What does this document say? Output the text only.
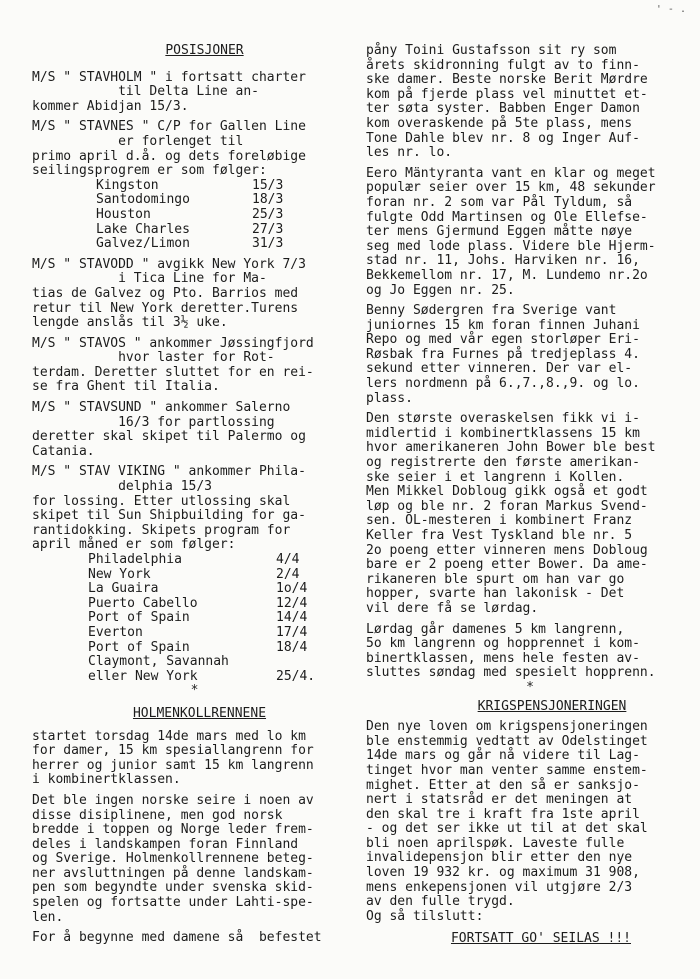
' - .

POSISJONER

M/S " STAVHOLM " i fortsatt charter

til Delta Line an-

kommer Abidjan 15/3.

M/S " STAVNES " C/P for Gallen Line

er forlenget til

primo april d.å. og dets foreløbige

seilingsprogrem er som følger:

Kingston	15/3
Santodomingo	18/3
Houston	25/3
Lake Charles	27/3
Galvez/Limon	31/3

M/S " STAVODD " avgikk New York 7/3

i Tica Line for Ma-

tias de Galvez og Pto. Barrios med

retur til New York deretter.Turens

lengde anslås til 3½ uke.

M/S " STAVOS " ankommer Jøssingfjord

hvor laster for Rot-

terdam. Deretter sluttet for en rei-

se fra Ghent til Italia.

M/S " STAVSUND " ankommer Salerno

16/3 for partlossing

deretter skal skipet til Palermo og

Catania.

M/S " STAV VIKING " ankommer Phila-

delphia 15/3

for lossing. Etter utlossing skal

skipet til Sun Shipbuilding for ga-

rantidokking. Skipets program for

april måned er som følger:

Philadelphia	4/4
New York	2/4
La Guaira	1o/4
Puerto Cabello	12/4
Port of Spain	14/4
Everton	17/4
Port of Spain	18/4
Claymont, Savannah
eller New York	25/4.

*

HOLMENKOLLRENNENE

startet torsdag 14de mars med lo km

for damer, 15 km spesiallangrenn for

herrer og junior samt 15 km langrenn

i kombinertklassen.

Det ble ingen norske seire i noen av

disse disiplinene, men god norsk

bredde i toppen og Norge leder frem-

deles i landskampen foran Finnland

og Sverige. Holmenkollrennene beteg-

ner avsluttningen på denne landskam-

pen som begyndte under svenska skid-

spelen og fortsatte under Lahti-spe-

len.

For å begynne med damene så  befestet

påny Toini Gustafsson sit ry som

årets skidronning fulgt av to finn-

ske damer. Beste norske Berit Mørdre

kom på fjerde plass vel minuttet et-

ter søta syster. Babben Enger Damon

kom overaskende på 5te plass, mens

Tone Dahle blev nr. 8 og Inger Auf-

les nr. lo.

Eero Mäntyranta vant en klar og meget

populær seier over 15 km, 48 sekunder

foran nr. 2 som var Pål Tyldum, så

fulgte Odd Martinsen og Ole Ellefse-

ter mens Gjermund Eggen måtte nøye

seg med lode plass. Videre ble Hjerm-

stad nr. 11, Johs. Harviken nr. 16,

Bekkemellom nr. 17, M. Lundemo nr.2o

og Jo Eggen nr. 25.

Benny Sødergren fra Sverige vant

juniornes 15 km foran finnen Juhani

Repo og med vår egen storløper Eri-

Røsbak fra Furnes på tredjeplass 4.

sekund etter vinneren. Der var el-

lers nordmenn på 6.,7.,8.,9. og lo.

plass.

Den største overaskelsen fikk vi i-

midlertid i kombinertklassens 15 km

hvor amerikaneren John Bower ble best

og registrerte den første amerikan-

ske seier i et langrenn i Kollen.

Men Mikkel Dobloug gikk også et godt

løp og ble nr. 2 foran Markus Svend-

sen. OL-mesteren i kombinert Franz

Keller fra Vest Tyskland ble nr. 5

2o poeng etter vinneren mens Dobloug

bare er 2 poeng etter Bower. Da ame-

rikaneren ble spurt om han var go

hopper, svarte han lakonisk - Det

vil dere få se lørdag.

Lørdag går damenes 5 km langrenn,

5o km langrenn og hopprennet i kom-

binertklassen, mens hele festen av-

sluttes søndag med spesielt hopprenn.

*

KRIGSPENSJONERINGEN

Den nye loven om krigspensjoneringen

ble enstemmig vedtatt av Odelstinget

14de mars og går nå videre til Lag-

tinget hvor man venter samme enstem-

mighet. Etter at den så er sanksjo-

nert i statsråd er det meningen at

den skal tre i kraft fra 1ste april

- og det ser ikke ut til at det skal

bli noen aprilspøk. Laveste fulle

invalidepensjon blir etter den nye

loven 19 932 kr. og maximum 31 908,

mens enkepensjonen vil utgjøre 2/3

av den fulle trygd.

Og så tilslutt:

FORTSATT GO' SEILAS !!!
